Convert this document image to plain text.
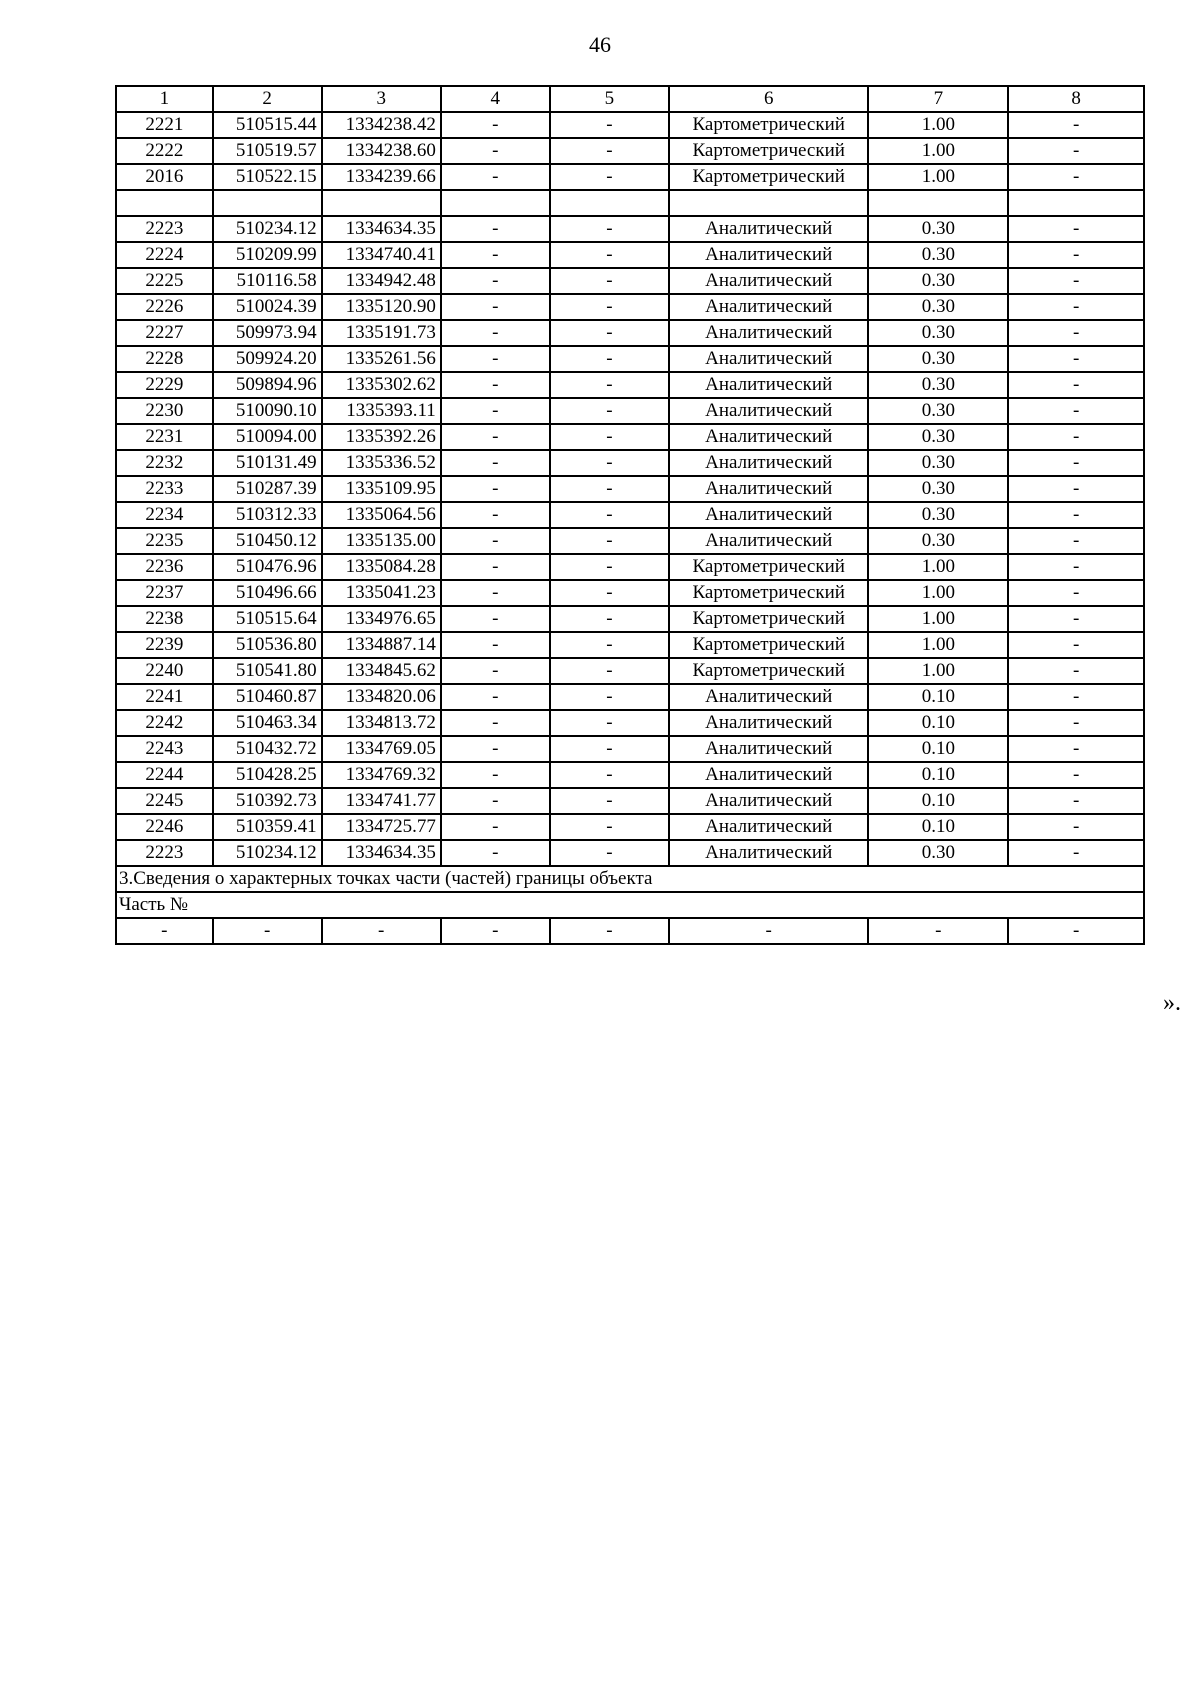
46
1	2	3	4	5	6	7	8
2221	510515.44	1334238.42	-	-	Картометрический	1.00	-
2222	510519.57	1334238.60	-	-	Картометрический	1.00	-
2016	510522.15	1334239.66	-	-	Картометрический	1.00	-

2223	510234.12	1334634.35	-	-	Аналитический	0.30	-
2224	510209.99	1334740.41	-	-	Аналитический	0.30	-
2225	510116.58	1334942.48	-	-	Аналитический	0.30	-
2226	510024.39	1335120.90	-	-	Аналитический	0.30	-
2227	509973.94	1335191.73	-	-	Аналитический	0.30	-
2228	509924.20	1335261.56	-	-	Аналитический	0.30	-
2229	509894.96	1335302.62	-	-	Аналитический	0.30	-
2230	510090.10	1335393.11	-	-	Аналитический	0.30	-
2231	510094.00	1335392.26	-	-	Аналитический	0.30	-
2232	510131.49	1335336.52	-	-	Аналитический	0.30	-
2233	510287.39	1335109.95	-	-	Аналитический	0.30	-
2234	510312.33	1335064.56	-	-	Аналитический	0.30	-
2235	510450.12	1335135.00	-	-	Аналитический	0.30	-
2236	510476.96	1335084.28	-	-	Картометрический	1.00	-
2237	510496.66	1335041.23	-	-	Картометрический	1.00	-
2238	510515.64	1334976.65	-	-	Картометрический	1.00	-
2239	510536.80	1334887.14	-	-	Картометрический	1.00	-
2240	510541.80	1334845.62	-	-	Картометрический	1.00	-
2241	510460.87	1334820.06	-	-	Аналитический	0.10	-
2242	510463.34	1334813.72	-	-	Аналитический	0.10	-
2243	510432.72	1334769.05	-	-	Аналитический	0.10	-
2244	510428.25	1334769.32	-	-	Аналитический	0.10	-
2245	510392.73	1334741.77	-	-	Аналитический	0.10	-
2246	510359.41	1334725.77	-	-	Аналитический	0.10	-
2223	510234.12	1334634.35	-	-	Аналитический	0.30	-
3.Сведения о характерных точках части (частей) границы объекта							
Часть №							
-	-	-	-	-	-	-	-
».
